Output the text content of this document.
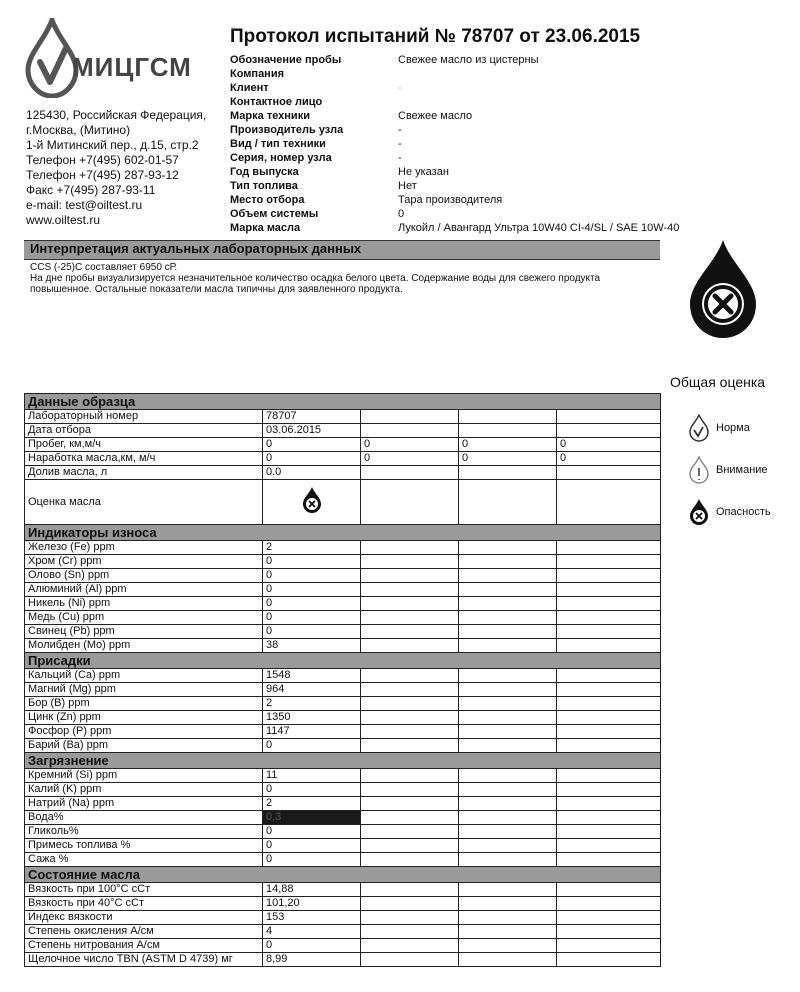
МИЦГСМ
Протокол испытаний № 78707 от 23.06.2015
125430, Российская Федерация,
г.Москва, (Митино)
1-й Митинский пер., д.15, стр.2
Телефон +7(495) 602-01-57
Телефон +7(495) 287-93-12
Факс +7(495) 287-93-11
e-mail: test@oiltest.ru
www.oiltest.ru
Обозначение пробы	Свежее масло из цистерны
Компания
Клиент	-
Контактное лицо
Марка техники	Свежее масло
Производитель узла	-
Вид / тип техники	-
Серия, номер узла	-
Год выпуска	Не указан
Тип топлива	Нет
Место отбора	Тара производителя
Объем системы	0
Марка масла	Лукойл / Авангард Ультра 10W40 CI-4/SL / SAE 10W-40
Интерпретация актуальных лабораторных данных
CCS (-25)C составляет 6950 сР.
На дне пробы визуализируется незначительное количество осадка белого цвета. Содержание воды для свежего продукта повышенное. Остальные показатели масла типичны для заявленного продукта.
Общая оценка
Норма
Внимание
Опасность
Данные образца				
Лабораторный номер	78707			
Дата отбора	03.06.2015			
Пробег, км,м/ч	0	0	0	0
Наработка масла,км, м/ч	0	0	0	0
Долив масла, л	0.0			
Оценка масла				
Индикаторы износа				
Железо (Fe) ppm	2			
Хром (Cr) ppm	0			
Олово (Sn) ppm	0			
Алюминий (Al) ppm	0			
Никель (Ni) ppm	0			
Медь (Cu) ppm	0			
Свинец (Pb) ppm	0			
Молибден (Mo) ppm	38			
Присадки				
Кальций (Ca) ppm	1548			
Магний (Mg) ppm	964			
Бор (B) ppm	2			
Цинк (Zn) ppm	1350			
Фосфор (P) ppm	1147			
Барий (Ba) ppm	0			
Загрязнение				
Кремний (Si) ppm	11			
Калий (K) ppm	0			
Натрий (Na) ppm	2			
Вода%	0,3			
Гликоль%	0			
Примесь топлива %	0			
Сажа %	0			
Состояние масла				
Вязкость при 100°С сСт	14,88			
Вязкость при 40°С сСт	101,20			
Индекс вязкости	153			
Степень окисления А/см	4			
Степень нитрования А/см	0			
Щелочное число TBN (ASTM D 4739) мг	8,99			
